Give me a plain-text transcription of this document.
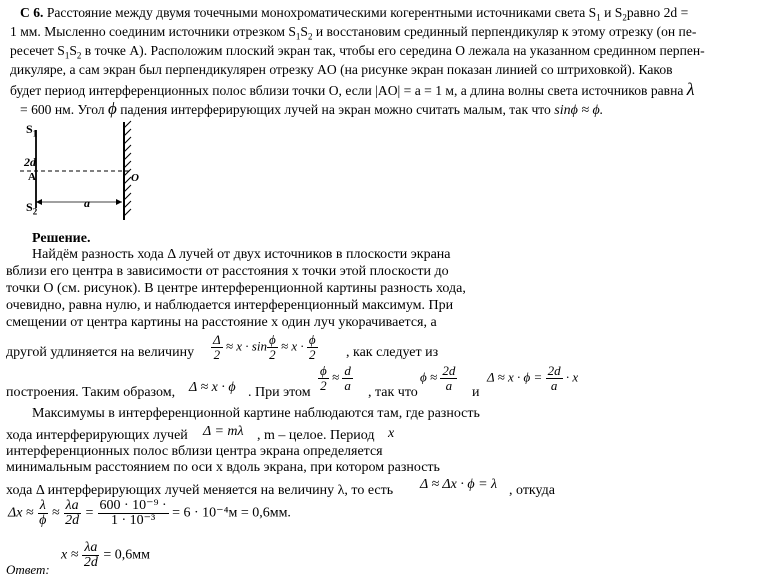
С 6. Расстояние между двумя точечными монохроматическими когерентными источниками света $S_1$ и $S_2равно$ 2d =
1 мм. Мысленно соединим источники отрезком $S_1S_2$ и восстановим срединный перпендикуляр к этому отрезку (он пе-
ресечет $S_1S_2$ в точке A). Расположим плоский экран так, чтобы его середина O лежала на указанном срединном перпен-
дикуляре, а сам экран был перпендикулярен отрезку AO (на рисунке экран показан линией со штриховкой). Каков
будет период интерференционных полос вблизи точки O, если |AO| = a = 1 м, а длина волны света источников равна λ
= 600 нм. Угол ϕ падения интерферирующих лучей на экран можно считать малым, так что sinϕ ≈ ϕ.
$S_1$
$S_2$
2d
A	O
a
Решение.
Найдём разность хода Δ лучей от двух источников в плоскости экрана
вблизи его центра в зависимости от расстояния x точки этой плоскости до
точки O (см. рисунок). В центре интерференционной картины разность хода,
очевидно, равна нулю, и наблюдается интерференционный максимум. При
смещении от центра картины на расстояние x один луч укорачивается, а
другой удлиняется на величину $\frac{\Delta}{2} \approx x \cdot \sin \frac{\phi}{2} \approx x \cdot \frac{\phi}{2}$ , как следует из
построения. Таким образом, Δ ≈ x · ϕ . При этом $\frac{\phi}{2} \approx \frac{d}{a}$ , так что
$\phi \approx \frac{2d}{a}$ и
$\Delta \approx x \cdot \phi = \frac{2d}{a} \cdot x$
Максимумы в интерференционной картине наблюдаются там, где разность
хода интерферирующих лучей Δ = mλ , m – целое. Период x
интерференционных полос вблизи центра экрана определяется
минимальным расстоянием по оси x вдоль экрана, при котором разность
хода Δ интерферирующих лучей меняется на величину λ, то есть Δ ≈ Δx · ϕ = λ , откуда
$\Delta x \approx \frac{\lambda}{\phi} \approx \frac{\lambda a}{2d} = \frac{\text{600 · 10⁻⁹ ·}}{\text{1 · 10⁻³}} = 6 \cdot 10^{-4}м = 0,6мм$.
Ответ:
$x \approx \frac{\lambda a}{2d} = 0,6мм$
